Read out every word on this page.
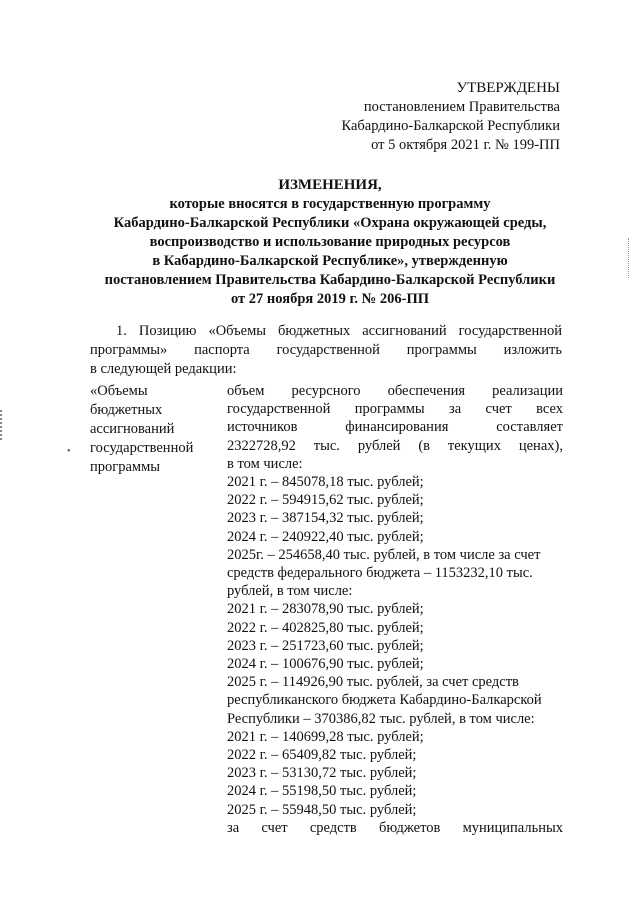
•
УТВЕРЖДЕНЫ
постановлением Правительства
Кабардино-Балкарской Республики
от 5 октября 2021 г. № 199-ПП
ИЗМЕНЕНИЯ,
которые вносятся в государственную программу
Кабардино-Балкарской Республики «Охрана окружающей среды,
воспроизводство и использование природных ресурсов
в Кабардино-Балкарской Республике», утвержденную
постановлением Правительства Кабардино-Балкарской Республики
от 27 ноября 2019 г. № 206-ПП
1. Позицию «Объемы бюджетных ассигнований государственной
программы» паспорта государственной программы изложить
в следующей редакции:
«Объемы
бюджетных
ассигнований
государственной
программы
объем ресурсного обеспечения реализации
государственной программы за счет всех
источников	финансирования	составляет
2322728,92 тыс. рублей (в текущих ценах),
в том числе:
2021 г. – 845078,18 тыс. рублей;
2022 г. – 594915,62 тыс. рублей;
2023 г. – 387154,32 тыс. рублей;
2024 г. – 240922,40 тыс. рублей;
2025г. – 254658,40 тыс. рублей, в том числе за счет
средств федерального бюджета – 1153232,10 тыс.
рублей, в том числе:
2021 г. – 283078,90 тыс. рублей;
2022 г. – 402825,80 тыс. рублей;
2023 г. – 251723,60 тыс. рублей;
2024 г. – 100676,90 тыс. рублей;
2025 г. – 114926,90 тыс. рублей, за счет средств
республиканского бюджета Кабардино-Балкарской
Республики – 370386,82 тыс. рублей, в том числе:
2021 г. – 140699,28 тыс. рублей;
2022 г. – 65409,82 тыс. рублей;
2023 г. – 53130,72 тыс. рублей;
2024 г. – 55198,50 тыс. рублей;
2025 г. – 55948,50 тыс. рублей;
за счет средств бюджетов муниципальных
